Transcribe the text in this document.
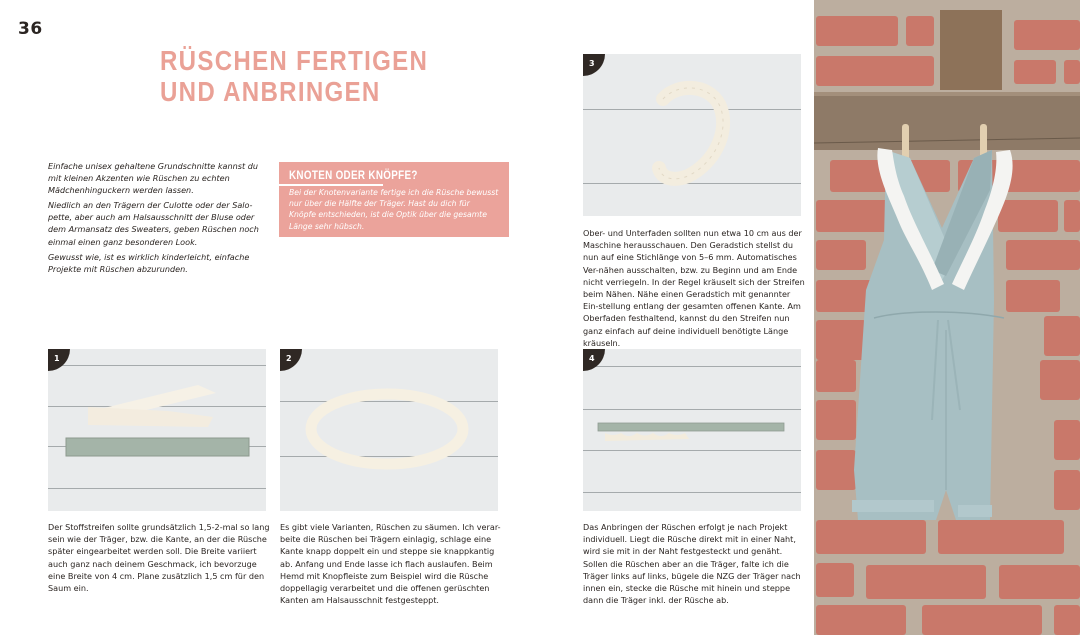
36
RÜSCHEN FERTIGEN
UND ANBRINGEN

Einfache unisex gehaltene Grundschnitte kannst du mit kleinen Akzenten wie Rüschen zu echten Mädchenhinguckern werden lassen.

Niedlich an den Trägern der Culotte oder der Salo-pette, aber auch am Halsausschnitt der Bluse oder dem Armansatz des Sweaters, geben Rüschen noch einmal einen ganz besonderen Look.

Gewusst wie, ist es wirklich kinderleicht, einfache Projekte mit Rüschen abzurunden.

KNOTEN ODER KNÖPFE?
Bei der Knotenvariante fertige ich die Rüsche bewusst nur über die Hälfte der Träger. Hast du dich für Knöpfe entschieden, ist die Optik über die gesamte Länge sehr hübsch.
3
Ober- und Unterfaden sollten nun etwa 10 cm aus der Maschine herausschauen. Den Geradstich stellst du nun auf eine Stichlänge von 5–6 mm. Automatisches Ver-nähen ausschalten, bzw. zu Beginn und am Ende nicht verriegeln. In der Regel kräuselt sich der Streifen beim Nähen. Nähe einen Geradstich mit genannter Ein-stellung entlang der gesamten offenen Kante. Am Oberfaden festhaltend, kannst du den Streifen nun ganz einfach auf deine individuell benötigte Länge kräuseln.
1	2	4
Der Stoffstreifen sollte grundsätzlich 1,5-2-mal so lang sein wie der Träger, bzw. die Kante, an der die Rüsche später eingearbeitet werden soll. Die Breite variiert auch ganz nach deinem Geschmack, ich bevorzuge eine Breite von 4 cm. Plane zusätzlich 1,5 cm für den Saum ein.
Es gibt viele Varianten, Rüschen zu säumen. Ich verar-beite die Rüschen bei Trägern einlagig, schlage eine Kante knapp doppelt ein und steppe sie knappkantig ab. Anfang und Ende lasse ich flach auslaufen. Beim Hemd mit Knopfleiste zum Beispiel wird die Rüsche doppellagig verarbeitet und die offenen gerüschten Kanten am Halsausschnit festgesteppt.
Das Anbringen der Rüschen erfolgt je nach Projekt individuell. Liegt die Rüsche direkt mit in einer Naht, wird sie mit in der Naht festgesteckt und genäht. Sollen die Rüschen aber an die Träger, falte ich die Träger links auf links, bügele die NZG der Träger nach innen ein, stecke die Rüsche mit hinein und steppe dann die Träger inkl. der Rüsche ab.
